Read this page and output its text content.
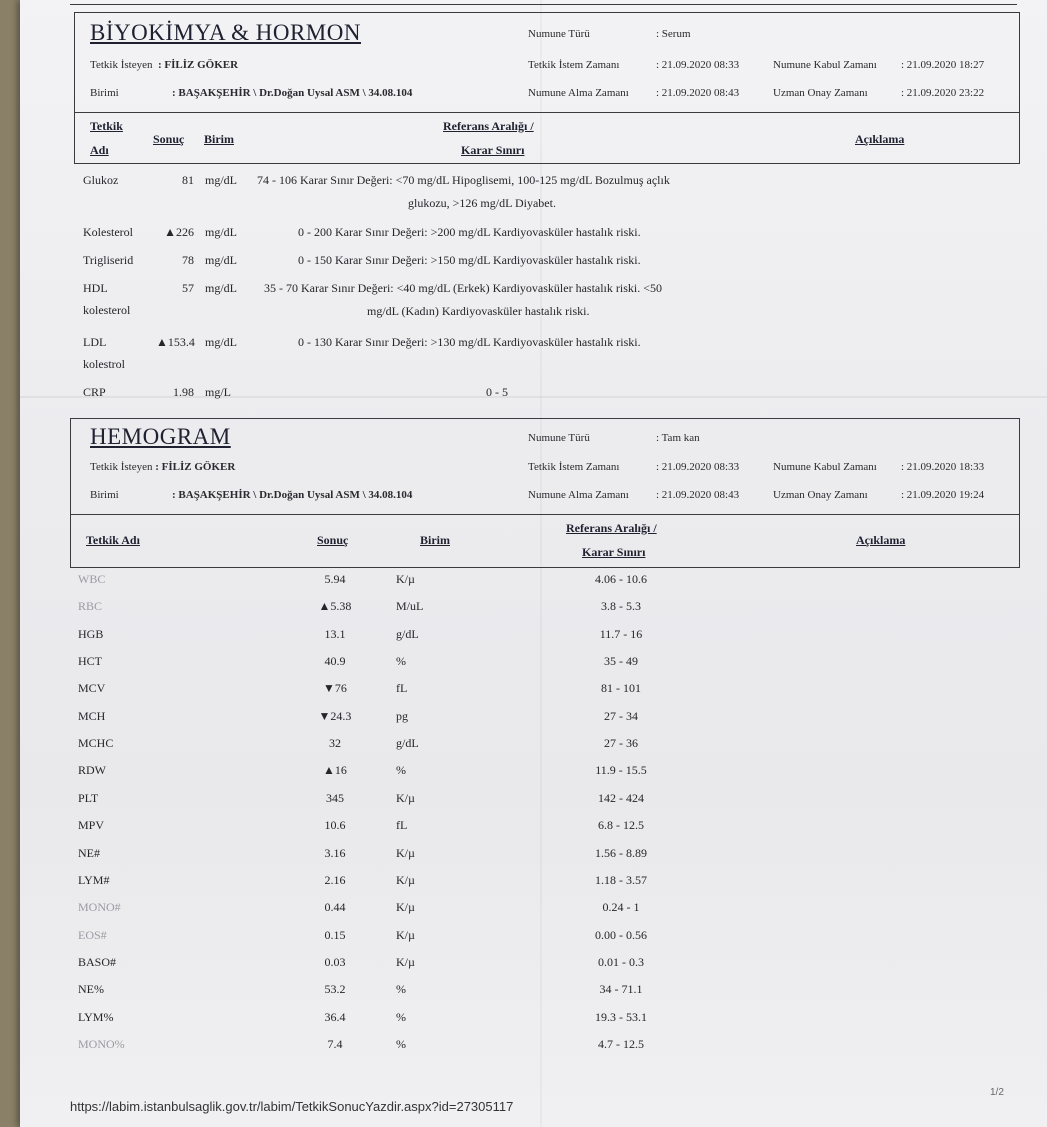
BİYOKİMYA & HORMON
Tetkik İsteyen : FİLİZ GÖKER
Birimi	: BAŞAKŞEHİR \ Dr.Doğan Uysal ASM \ 34.08.104
Numune Türü	: Serum
Tetkik İstem Zamanı	: 21.09.2020 08:33
Numune Alma Zamanı : 21.09.2020 08:43
Numune Kabul Zamanı : 21.09.2020 18:27
Uzman Onay Zamanı	: 21.09.2020 23:22
Tetkik
Adı
Sonuç Birim
Referans Aralığı /
Karar Sınırı
Açıklama
Glukoz	81 mg/dL 74 - 106 Karar Sınır Değeri: <70 mg/dL Hipoglisemi, 100-125 mg/dL Bozulmuş açlık
glukozu, >126 mg/dL Diyabet.
Kolesterol	▲226 mg/dL	0 - 200 Karar Sınır Değeri: >200 mg/dL Kardiyovasküler hastalık riski.
Trigliserid	78 mg/dL	0 - 150 Karar Sınır Değeri: >150 mg/dL Kardiyovasküler hastalık riski.
HDL
kolesterol
57 mg/dL 35 - 70 Karar Sınır Değeri: <40 mg/dL (Erkek) Kardiyovasküler hastalık riski. <50
mg/dL (Kadın) Kardiyovasküler hastalık riski.
LDL
kolestrol
▲153.4 mg/dL	0 - 130 Karar Sınır Değeri: >130 mg/dL Kardiyovasküler hastalık riski.
CRP	1.98 mg/L	0 - 5
HEMOGRAM
Tetkik İsteyen : FİLİZ GÖKER
Birimi	: BAŞAKŞEHİR \ Dr.Doğan Uysal ASM \ 34.08.104
Numune Türü	: Tam kan
Tetkik İstem Zamanı	: 21.09.2020 08:33
Numune Alma Zamanı : 21.09.2020 08:43
Numune Kabul Zamanı : 21.09.2020 18:33
Uzman Onay Zamanı	: 21.09.2020 19:24
Tetkik Adı	Sonuç	Birim
Referans Aralığı /
Karar Sınırı
Açıklama
WBC	5.94	K/µ	4.06 - 10.6
RBC	▲5.38	M/uL	3.8 - 5.3
HGB	13.1	g/dL	11.7 - 16
HCT	40.9	%	35 - 49
MCV	▼76	fL	81 - 101
MCH	▼24.3	pg	27 - 34
MCHC	32	g/dL	27 - 36
RDW	▲16	%	11.9 - 15.5
PLT	345	K/µ	142 - 424
MPV	10.6	fL	6.8 - 12.5
NE#	3.16	K/µ	1.56 - 8.89
LYM#	2.16	K/µ	1.18 - 3.57
MONO#	0.44	K/µ	0.24 - 1
EOS#	0.15	K/µ	0.00 - 0.56
BASO#	0.03	K/µ	0.01 - 0.3
NE%	53.2	%	34 - 71.1
LYM%	36.4	%	19.3 - 53.1
MONO%	7.4	%	4.7 - 12.5
https://labim.istanbulsaglik.gov.tr/labim/TetkikSonucYazdir.aspx?id=27305117
1/2
